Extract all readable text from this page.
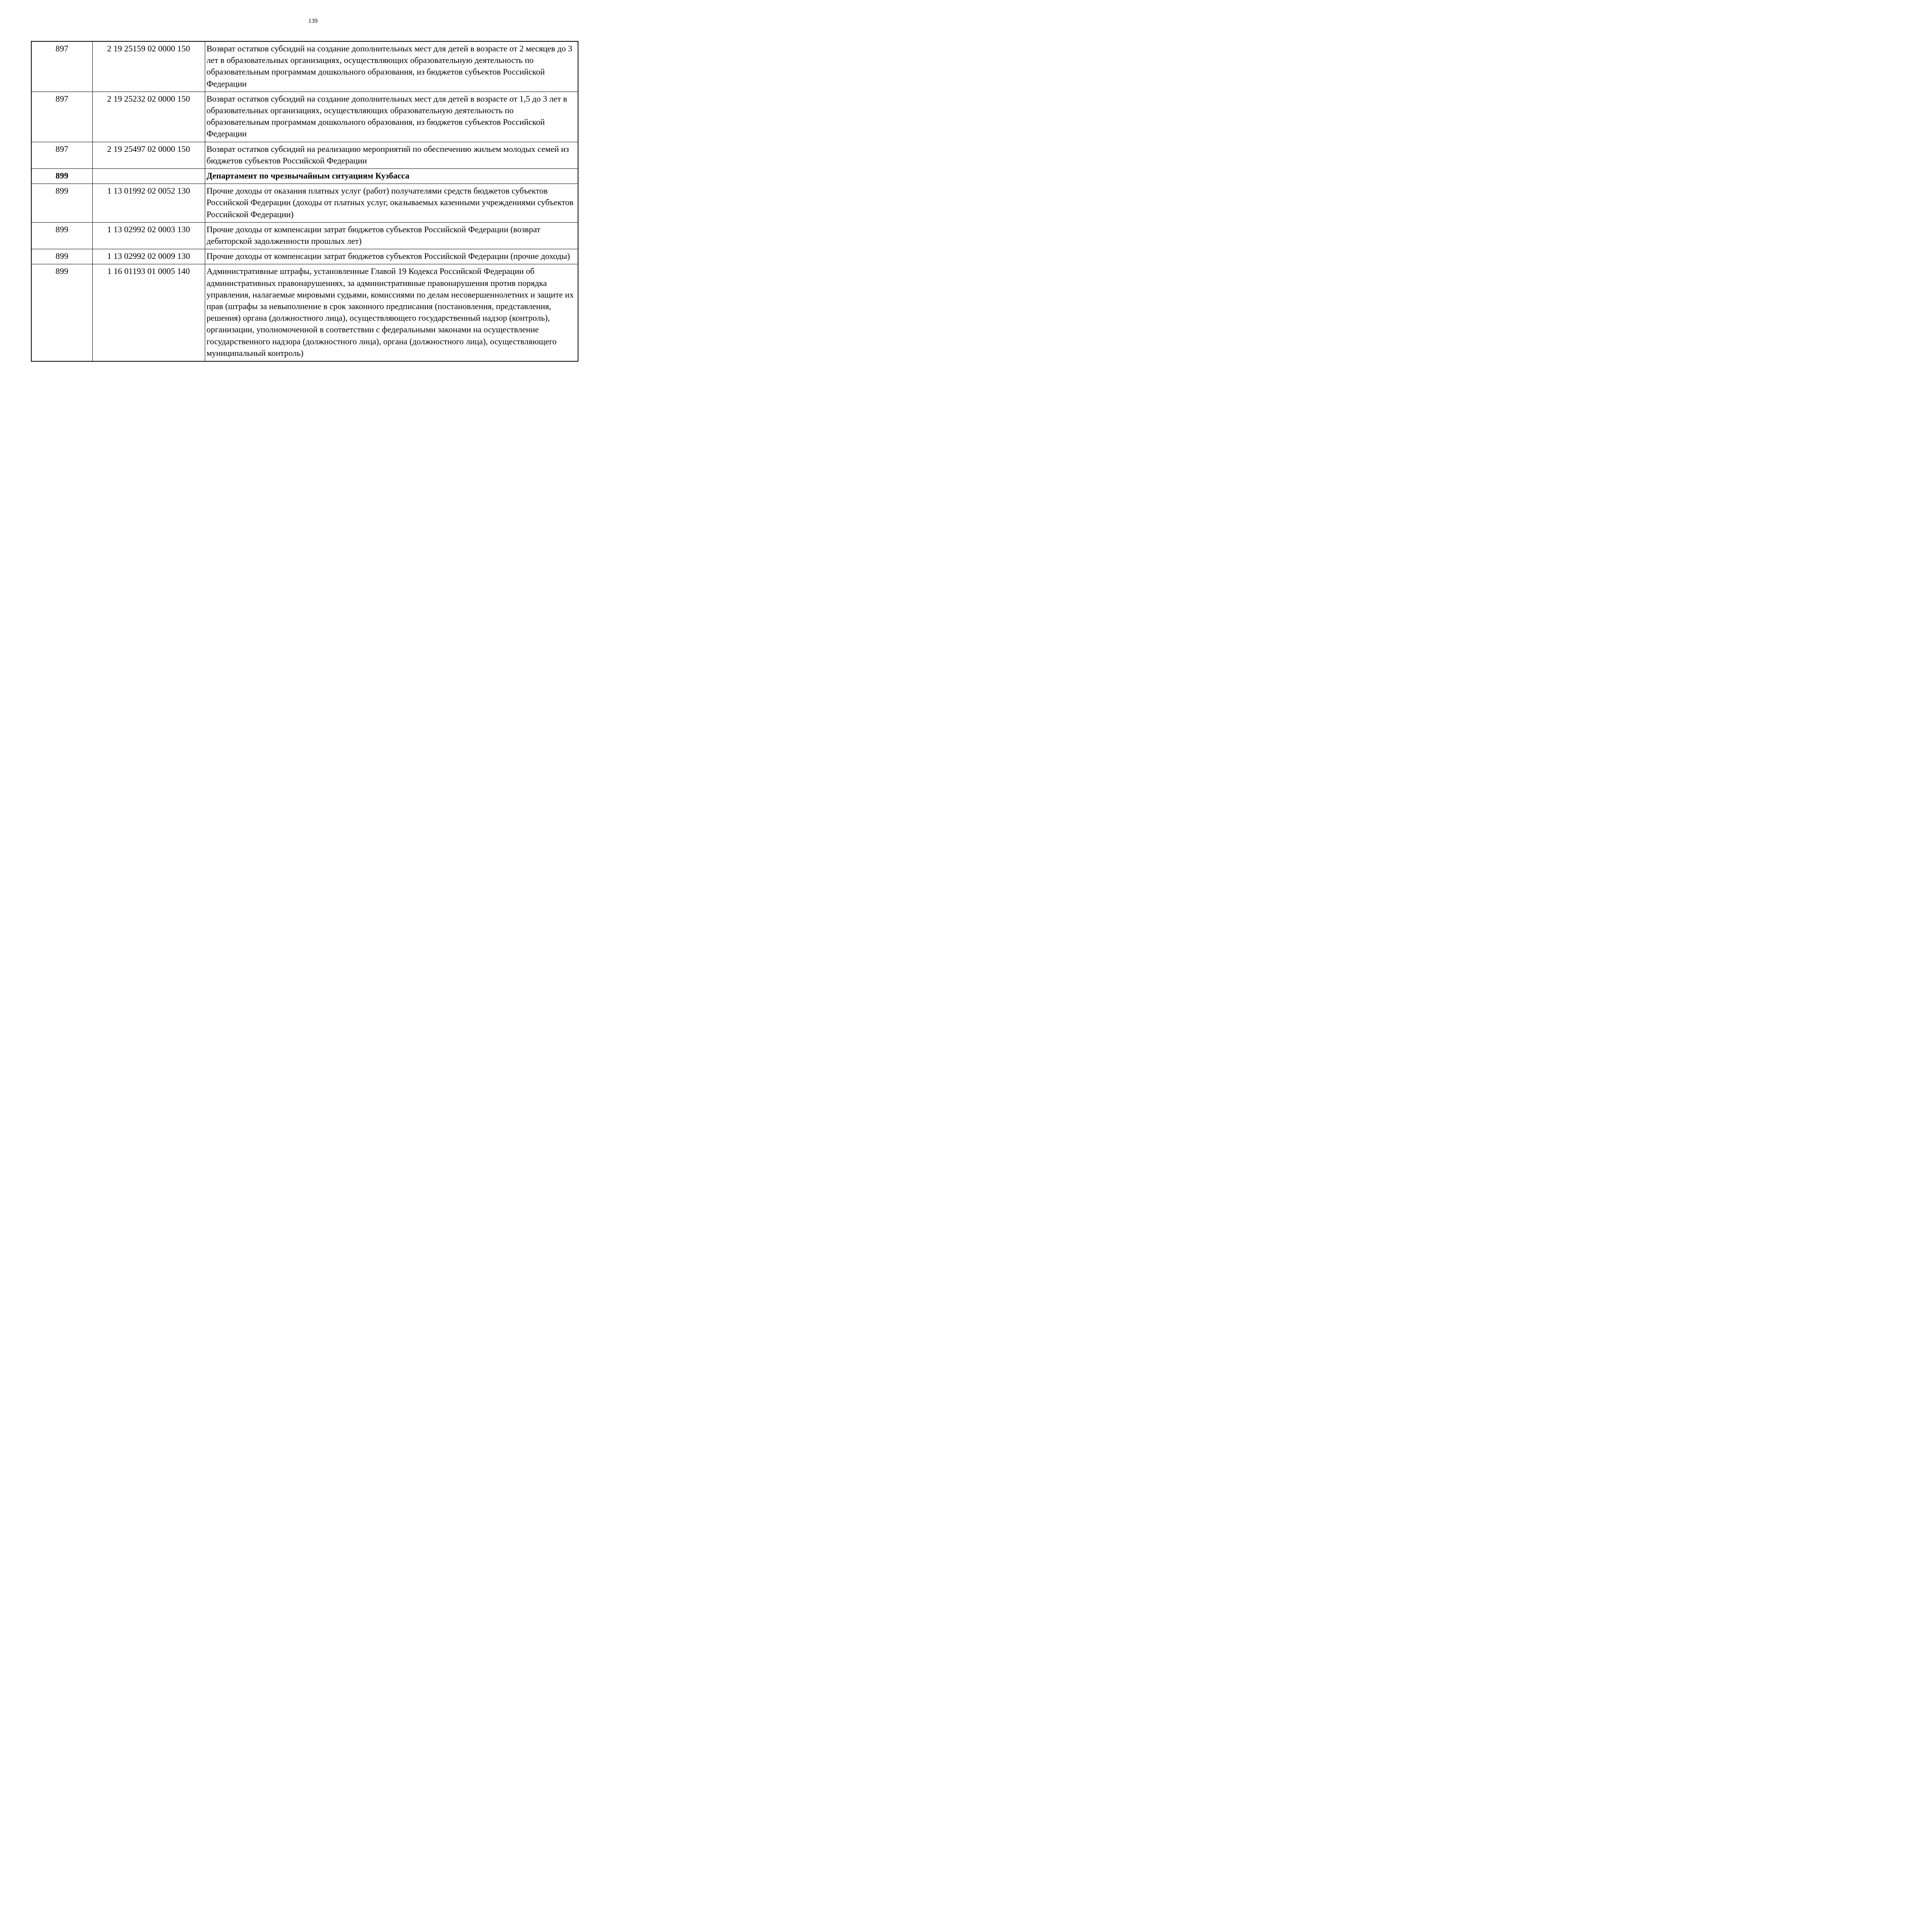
139
897	2 19 25159 02 0000 150	Возврат остатков субсидий на создание дополнительных мест для детей в возрасте от 2 месяцев до 3 лет в образовательных организациях, осуществляющих образовательную деятельность по образовательным программам дошкольного образования, из бюджетов субъектов Российской Федерации
897	2 19 25232 02 0000 150	Возврат остатков субсидий на создание дополнительных мест для детей в возрасте от 1,5 до 3 лет в образовательных организациях, осуществляющих образовательную деятельность по образовательным программам дошкольного образования, из бюджетов субъектов Российской Федерации
897	2 19 25497 02 0000 150	Возврат остатков субсидий на реализацию мероприятий по обеспечению жильем молодых семей из бюджетов субъектов Российской Федерации
899		Департамент по чрезвычайным ситуациям Кузбасса
899	1 13 01992 02 0052 130	Прочие доходы от оказания платных услуг (работ) получателями средств бюджетов субъектов Российской Федерации (доходы от платных услуг, оказываемых казенными учреждениями субъектов Российской Федерации)
899	1 13 02992 02 0003 130	Прочие доходы от компенсации затрат бюджетов субъектов Российской Федерации (возврат дебиторской задолженности прошлых лет)
899	1 13 02992 02 0009 130	Прочие доходы от компенсации затрат бюджетов субъектов Российской Федерации (прочие доходы)
899	1 16 01193 01 0005 140	Административные штрафы, установленные Главой 19 Кодекса Российской Федерации об административных правонарушениях, за административные правонарушения против порядка управления, налагаемые мировыми судьями, комиссиями по делам несовершеннолетних и защите их прав (штрафы за невыполнение в срок законного предписания (постановления, представления, решения) органа (должностного лица), осуществляющего государственный надзор (контроль), организации, уполномоченной в соответствии с федеральными законами на осуществление государственного надзора (должностного лица), органа (должностного лица), осуществляющего муниципальный контроль)
